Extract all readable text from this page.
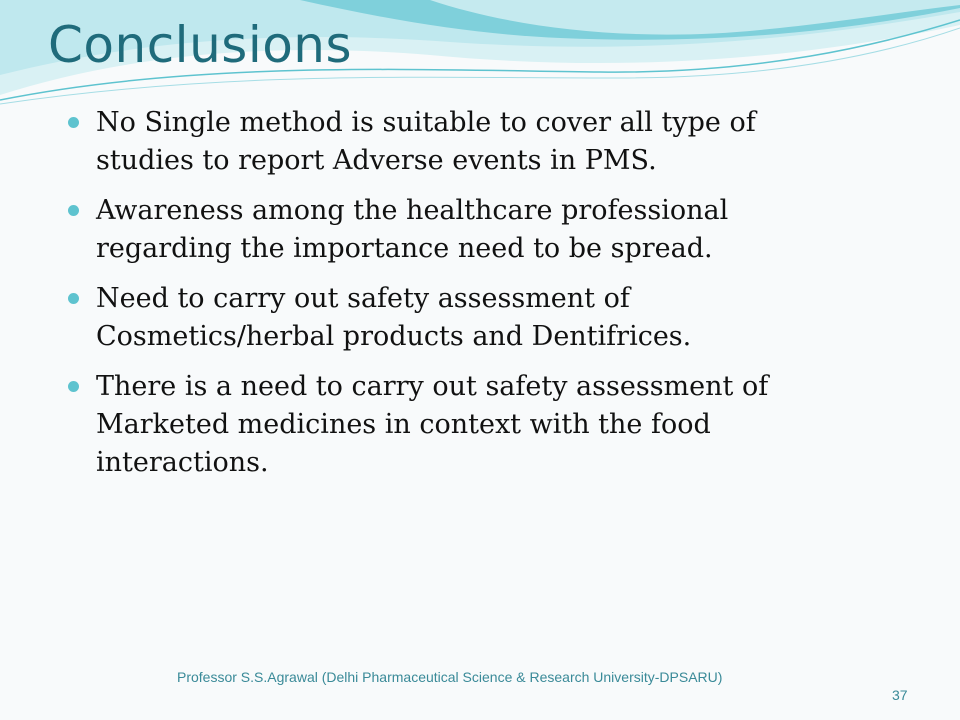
Conclusions
No Single method is suitable to cover all type of studies to report Adverse events in PMS.
Awareness among the healthcare professional regarding the importance need to be spread.
Need to carry out safety assessment of Cosmetics/herbal products and Dentifrices.
There is a need to carry out safety assessment of Marketed medicines in context with the food interactions.
Professor S.S.Agrawal (Delhi Pharmaceutical Science & Research University-DPSARU)
37
